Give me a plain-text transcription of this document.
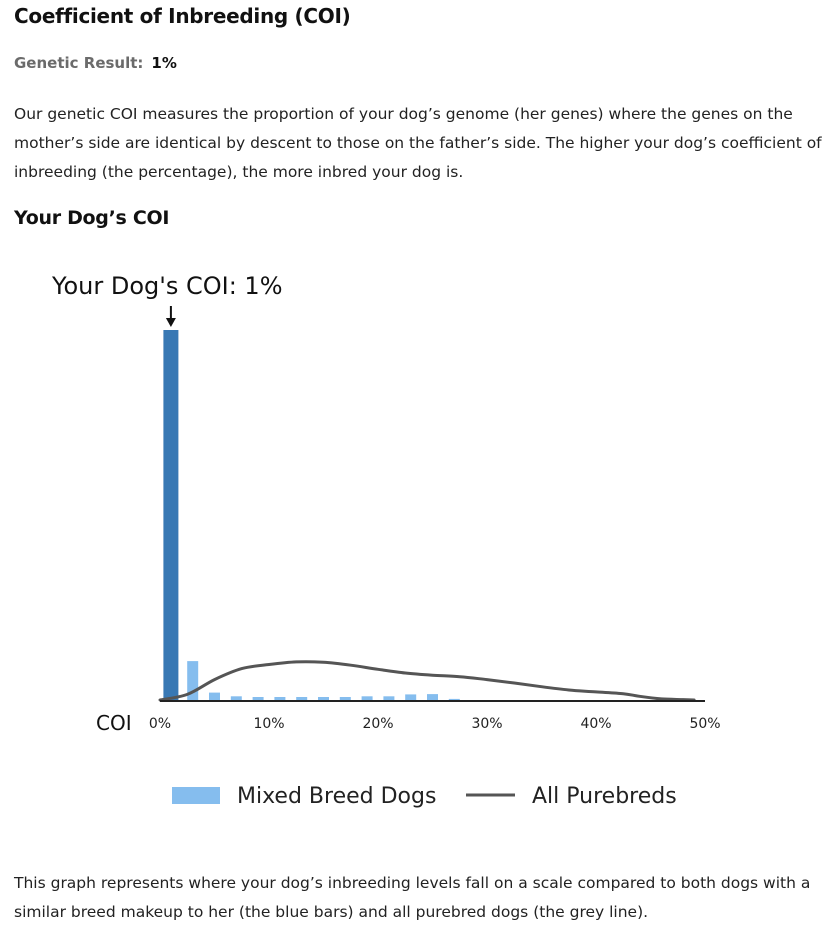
Coefficient of Inbreeding (COI)
Genetic Result: 1%
Our genetic COI measures the proportion of your dog’s genome (her genes) where the genes on the mother’s side are identical by descent to those on the father’s side. The higher your dog’s coefficient of inbreeding (the percentage), the more inbred your dog is.
Your Dog’s COI
Your Dog's COI: 1%
COI 0%	10%	20%	30%	40%	50%
Mixed Breed Dogs	All Purebreds
This graph represents where your dog’s inbreeding levels fall on a scale compared to both dogs with a similar breed makeup to her (the blue bars) and all purebred dogs (the grey line).
